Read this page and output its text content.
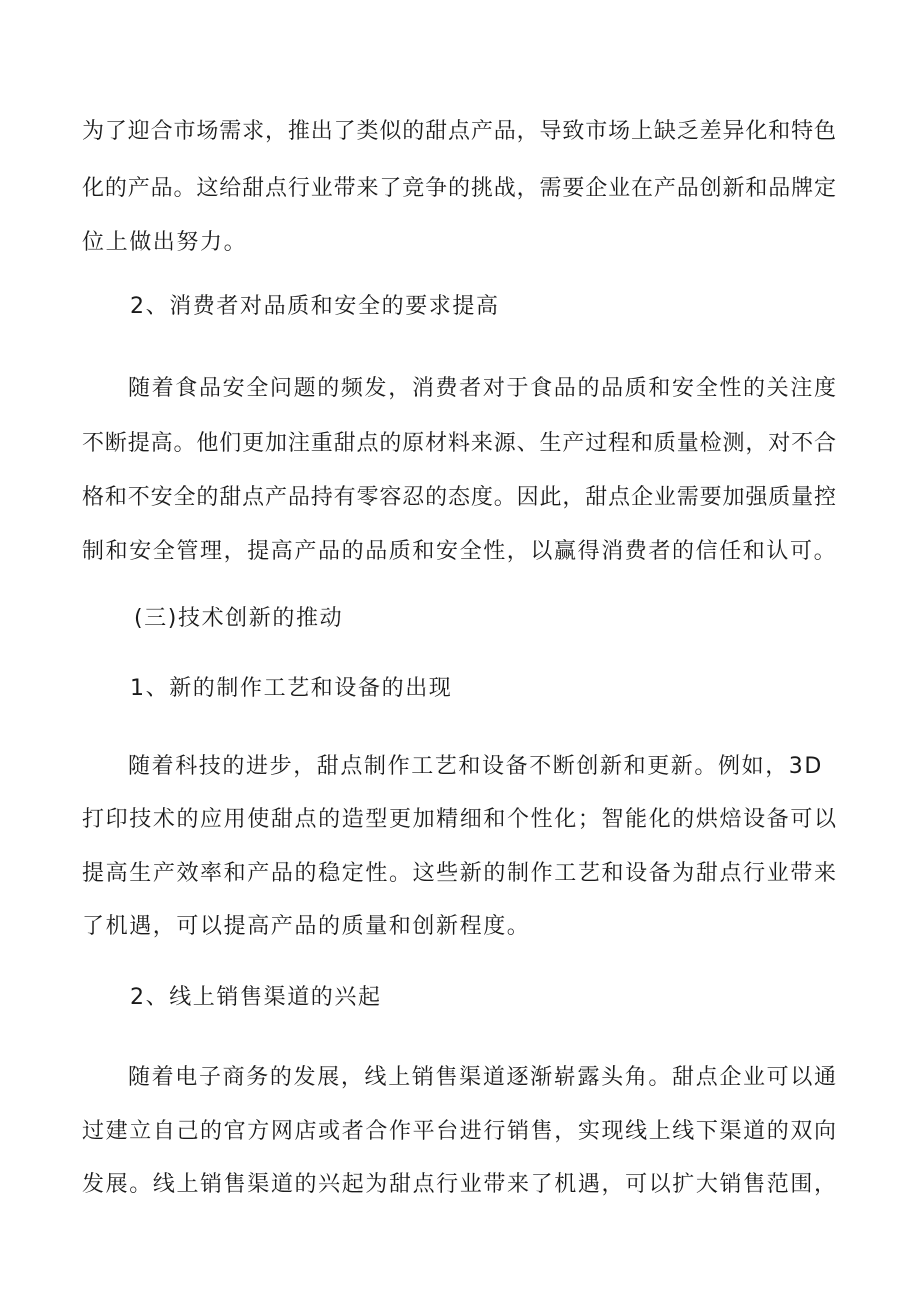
为了迎合市场需求，推出了类似的甜点产品，导致市场上缺乏差异化和特色
化的产品。这给甜点行业带来了竞争的挑战，需要企业在产品创新和品牌定
位上做出努力。
2、消费者对品质和安全的要求提高
随着食品安全问题的频发，消费者对于食品的品质和安全性的关注度
不断提高。他们更加注重甜点的原材料来源、生产过程和质量检测，对不合
格和不安全的甜点产品持有零容忍的态度。因此，甜点企业需要加强质量控
制和安全管理，提高产品的品质和安全性，以赢得消费者的信任和认可。
(三)技术创新的推动
1、新的制作工艺和设备的出现
随着科技的进步，甜点制作工艺和设备不断创新和更新。例如，3D
打印技术的应用使甜点的造型更加精细和个性化；智能化的烘焙设备可以
提高生产效率和产品的稳定性。这些新的制作工艺和设备为甜点行业带来
了机遇，可以提高产品的质量和创新程度。
2、线上销售渠道的兴起
随着电子商务的发展，线上销售渠道逐渐崭露头角。甜点企业可以通
过建立自己的官方网店或者合作平台进行销售，实现线上线下渠道的双向
发展。线上销售渠道的兴起为甜点行业带来了机遇，可以扩大销售范围，
